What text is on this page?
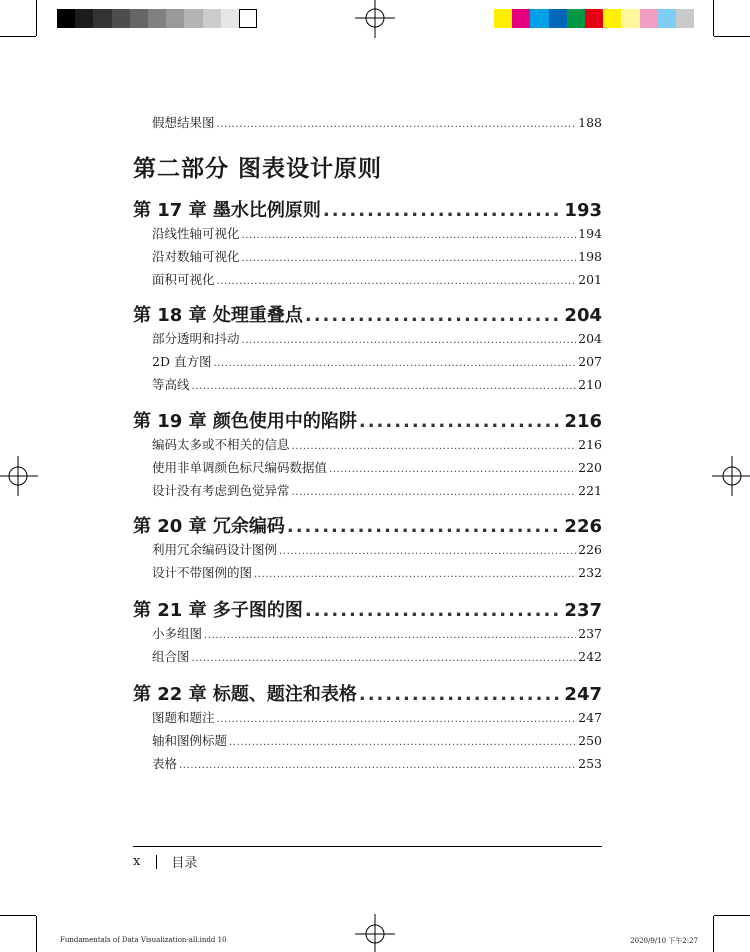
假想结果图 .....	188
第二部分 图表设计原则
第 17 章 墨水比例原则 .....	193
沿线性轴可视化 .....	194
沿对数轴可视化 .....	198
面积可视化 .....	201
第 18 章 处理重叠点 .....	204
部分透明和抖动 .....	204
2D 直方图 .....	207
等高线 .....	210
第 19 章 颜色使用中的陷阱 .....	216
编码太多或不相关的信息 .....	216
使用非单调颜色标尺编码数据值 .....	220
设计没有考虑到色觉异常 .....	221
第 20 章 冗余编码 .....	226
利用冗余编码设计图例 .....	226
设计不带图例的图 .....	232
第 21 章 多子图的图 .....	237
小多组图 .....	237
组合图 .....	242
第 22 章 标题、题注和表格 .....	247
图题和题注 .....	247
轴和图例标题 .....	250
表格 .....	253
x 目录
Fundamentals of Data Visualization-all.indd 10	2020/9/10 下午2:27
